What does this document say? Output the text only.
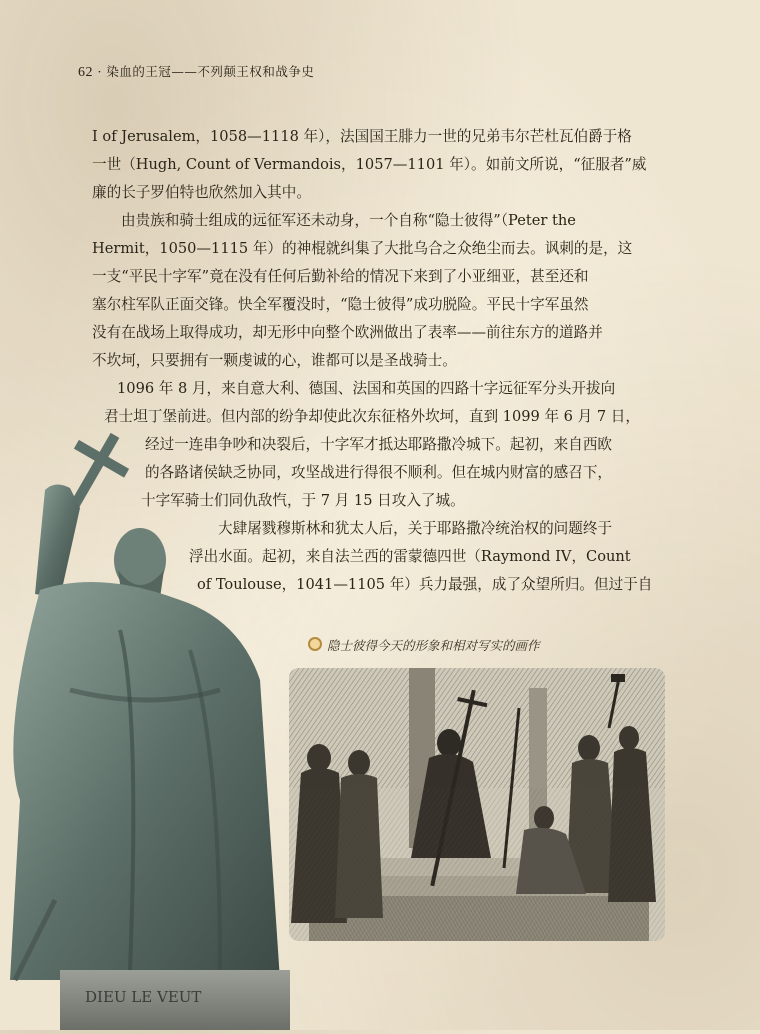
62 · 染血的王冠——不列颠王权和战争史
I of Jerusalem，1058—1118 年），法国国王腓力一世的兄弟韦尔芒杜瓦伯爵于格
一世（Hugh, Count of Vermandois，1057—1101 年）。如前文所说，“征服者”威
廉的长子罗伯特也欣然加入其中。
由贵族和骑士组成的远征军还未动身，一个自称“隐士彼得”（Peter the
Hermit，1050—1115 年）的神棍就纠集了大批乌合之众绝尘而去。讽刺的是，这
一支“平民十字军”竟在没有任何后勤补给的情况下来到了小亚细亚，甚至还和
塞尔柱军队正面交锋。快全军覆没时，“隐士彼得”成功脱险。平民十字军虽然
没有在战场上取得成功，却无形中向整个欧洲做出了表率——前往东方的道路并
不坎坷，只要拥有一颗虔诚的心，谁都可以是圣战骑士。
1096 年 8 月，来自意大利、德国、法国和英国的四路十字远征军分头开拔向
君士坦丁堡前进。但内部的纷争却使此次东征格外坎坷，直到 1099 年 6 月 7 日，
经过一连串争吵和决裂后，十字军才抵达耶路撒冷城下。起初，来自西欧
的各路诸侯缺乏协同，攻坚战进行得很不顺利。但在城内财富的感召下，
十字军骑士们同仇敌忾，于 7 月 15 日攻入了城。
大肆屠戮穆斯林和犹太人后，关于耶路撒冷统治权的问题终于
浮出水面。起初，来自法兰西的雷蒙德四世（Raymond IV，Count
of Toulouse，1041—1105 年）兵力最强，成了众望所归。但过于自
隐士彼得今天的形象和相对写实的画作
DIEU LE VEUT
